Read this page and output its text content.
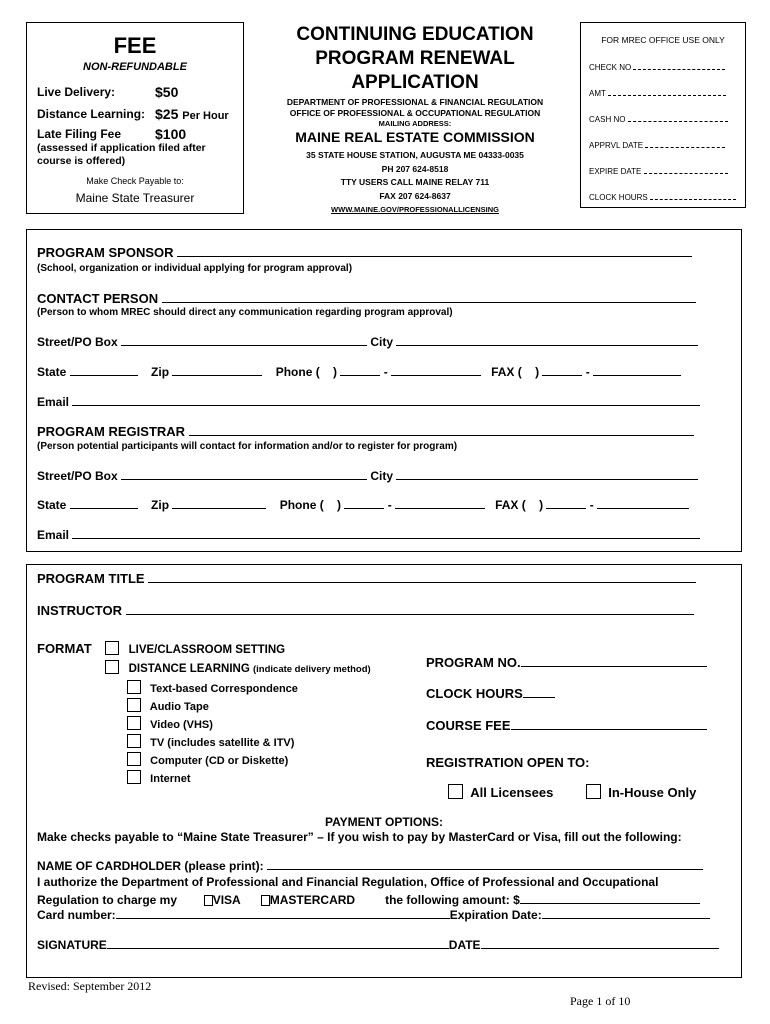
FEE
NON-REFUNDABLE
Live Delivery:	$50
Distance Learning: $25 Per Hour
Late Filing Fee $100
(assessed if application filed after course is offered)
Make Check Payable to:
Maine State Treasurer
CONTINUING EDUCATION
PROGRAM RENEWAL
APPLICATION
DEPARTMENT OF PROFESSIONAL & FINANCIAL REGULATION
OFFICE OF PROFESSIONAL & OCCUPATIONAL REGULATION
MAILING ADDRESS:
MAINE REAL ESTATE COMMISSION
35 STATE HOUSE STATION, AUGUSTA ME 04333-0035
PH 207 624-8518
TTY USERS CALL MAINE RELAY 711
FAX 207 624-8637
WWW.MAINE.GOV/PROFESSIONALLICENSING
FOR MREC OFFICE USE ONLY
CHECK NO
AMT
CASH NO
APPRVL DATE
EXPIRE DATE
CLOCK HOURS
PROGRAM SPONSOR
(School, organization or individual applying for program approval)
CONTACT PERSON
(Person to whom MREC should direct any communication regarding program approval)
Street/PO Box	City
State	Zip	Phone (    )	-	FAX (    )	-
Email
PROGRAM REGISTRAR
(Person potential participants will contact for information and/or to register for program)
Street/PO Box	City
State	Zip	Phone (    )	-	FAX (    )	-
Email
PROGRAM TITLE
INSTRUCTOR
FORMAT	LIVE/CLASSROOM SETTING
DISTANCE LEARNING (indicate delivery method)
Text-based Correspondence
Audio Tape
Video (VHS)
TV (includes satellite & ITV)
Computer (CD or Diskette)
Internet
PROGRAM NO.
CLOCK HOURS
COURSE FEE
REGISTRATION OPEN TO:
All Licensees	In-House Only
PAYMENT OPTIONS:
Make checks payable to “Maine State Treasurer” – If you wish to pay by MasterCard or Visa, fill out the following:
NAME OF CARDHOLDER (please print):
I authorize the Department of Professional and Financial Regulation, Office of Professional and Occupational
Regulation to charge my	VISA MASTERCARD	the following amount: $
Card number:	Expiration Date:
SIGNATURE	DATE
Revised: September 2012
Page 1 of 10
